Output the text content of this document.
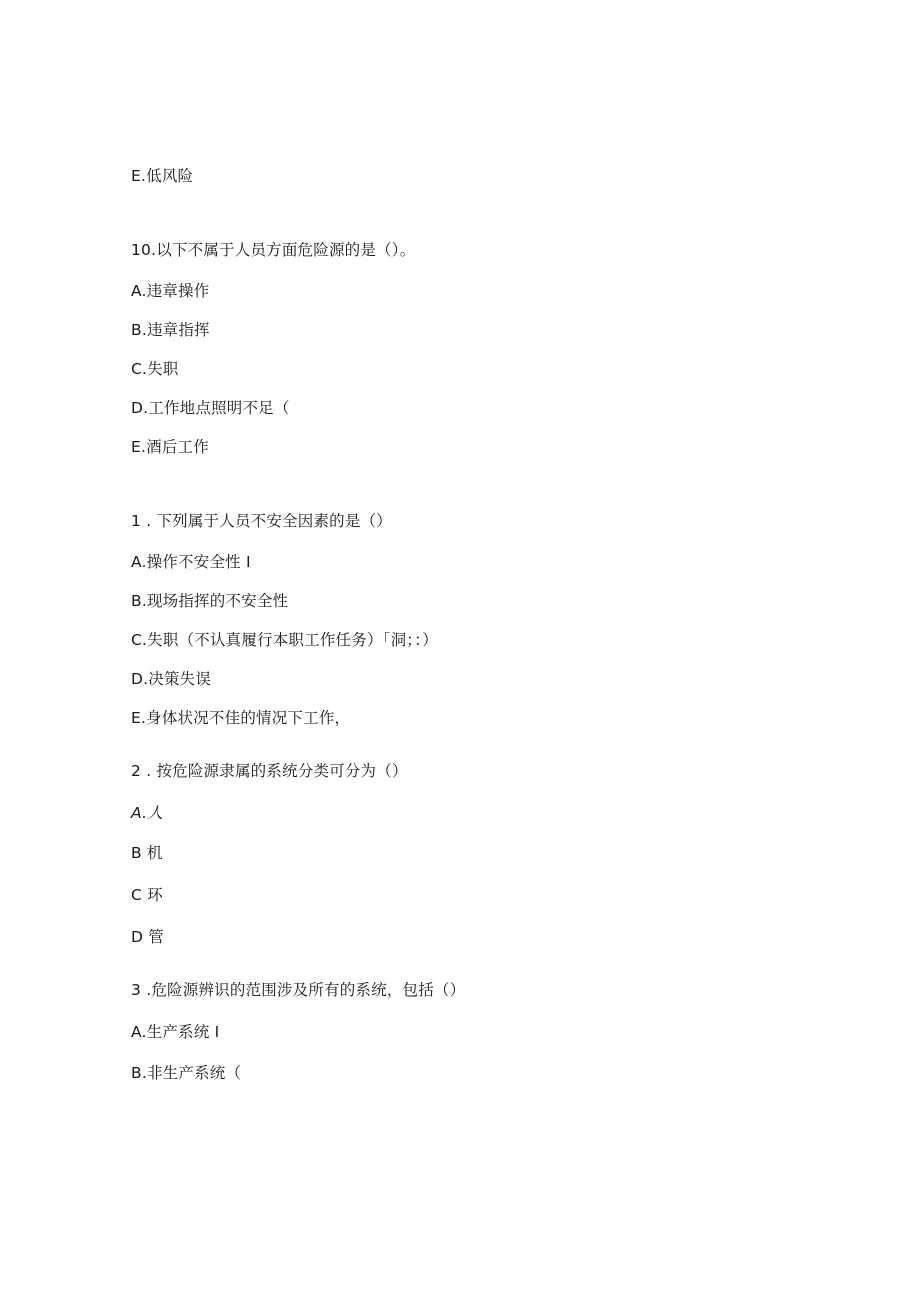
E.低风险
10.以下不属于人员方面危险源的是（）。
A.违章操作
B.违章指挥
C.失职
D.工作地点照明不足（
E.酒后工作
1 . 下列属于人员不安全因素的是（）
A.操作不安全性 I
B.现场指挥的不安全性
C.失职（不认真履行本职工作任务）「洞；：）
D.决策失误
E.身体状况不佳的情况下工作，
2 . 按危险源隶属的系统分类可分为（）
A.人
B 机
C 环
D 管
3 .危险源辨识的范围涉及所有的系统，包括（）
A.生产系统 I
B.非生产系统（
